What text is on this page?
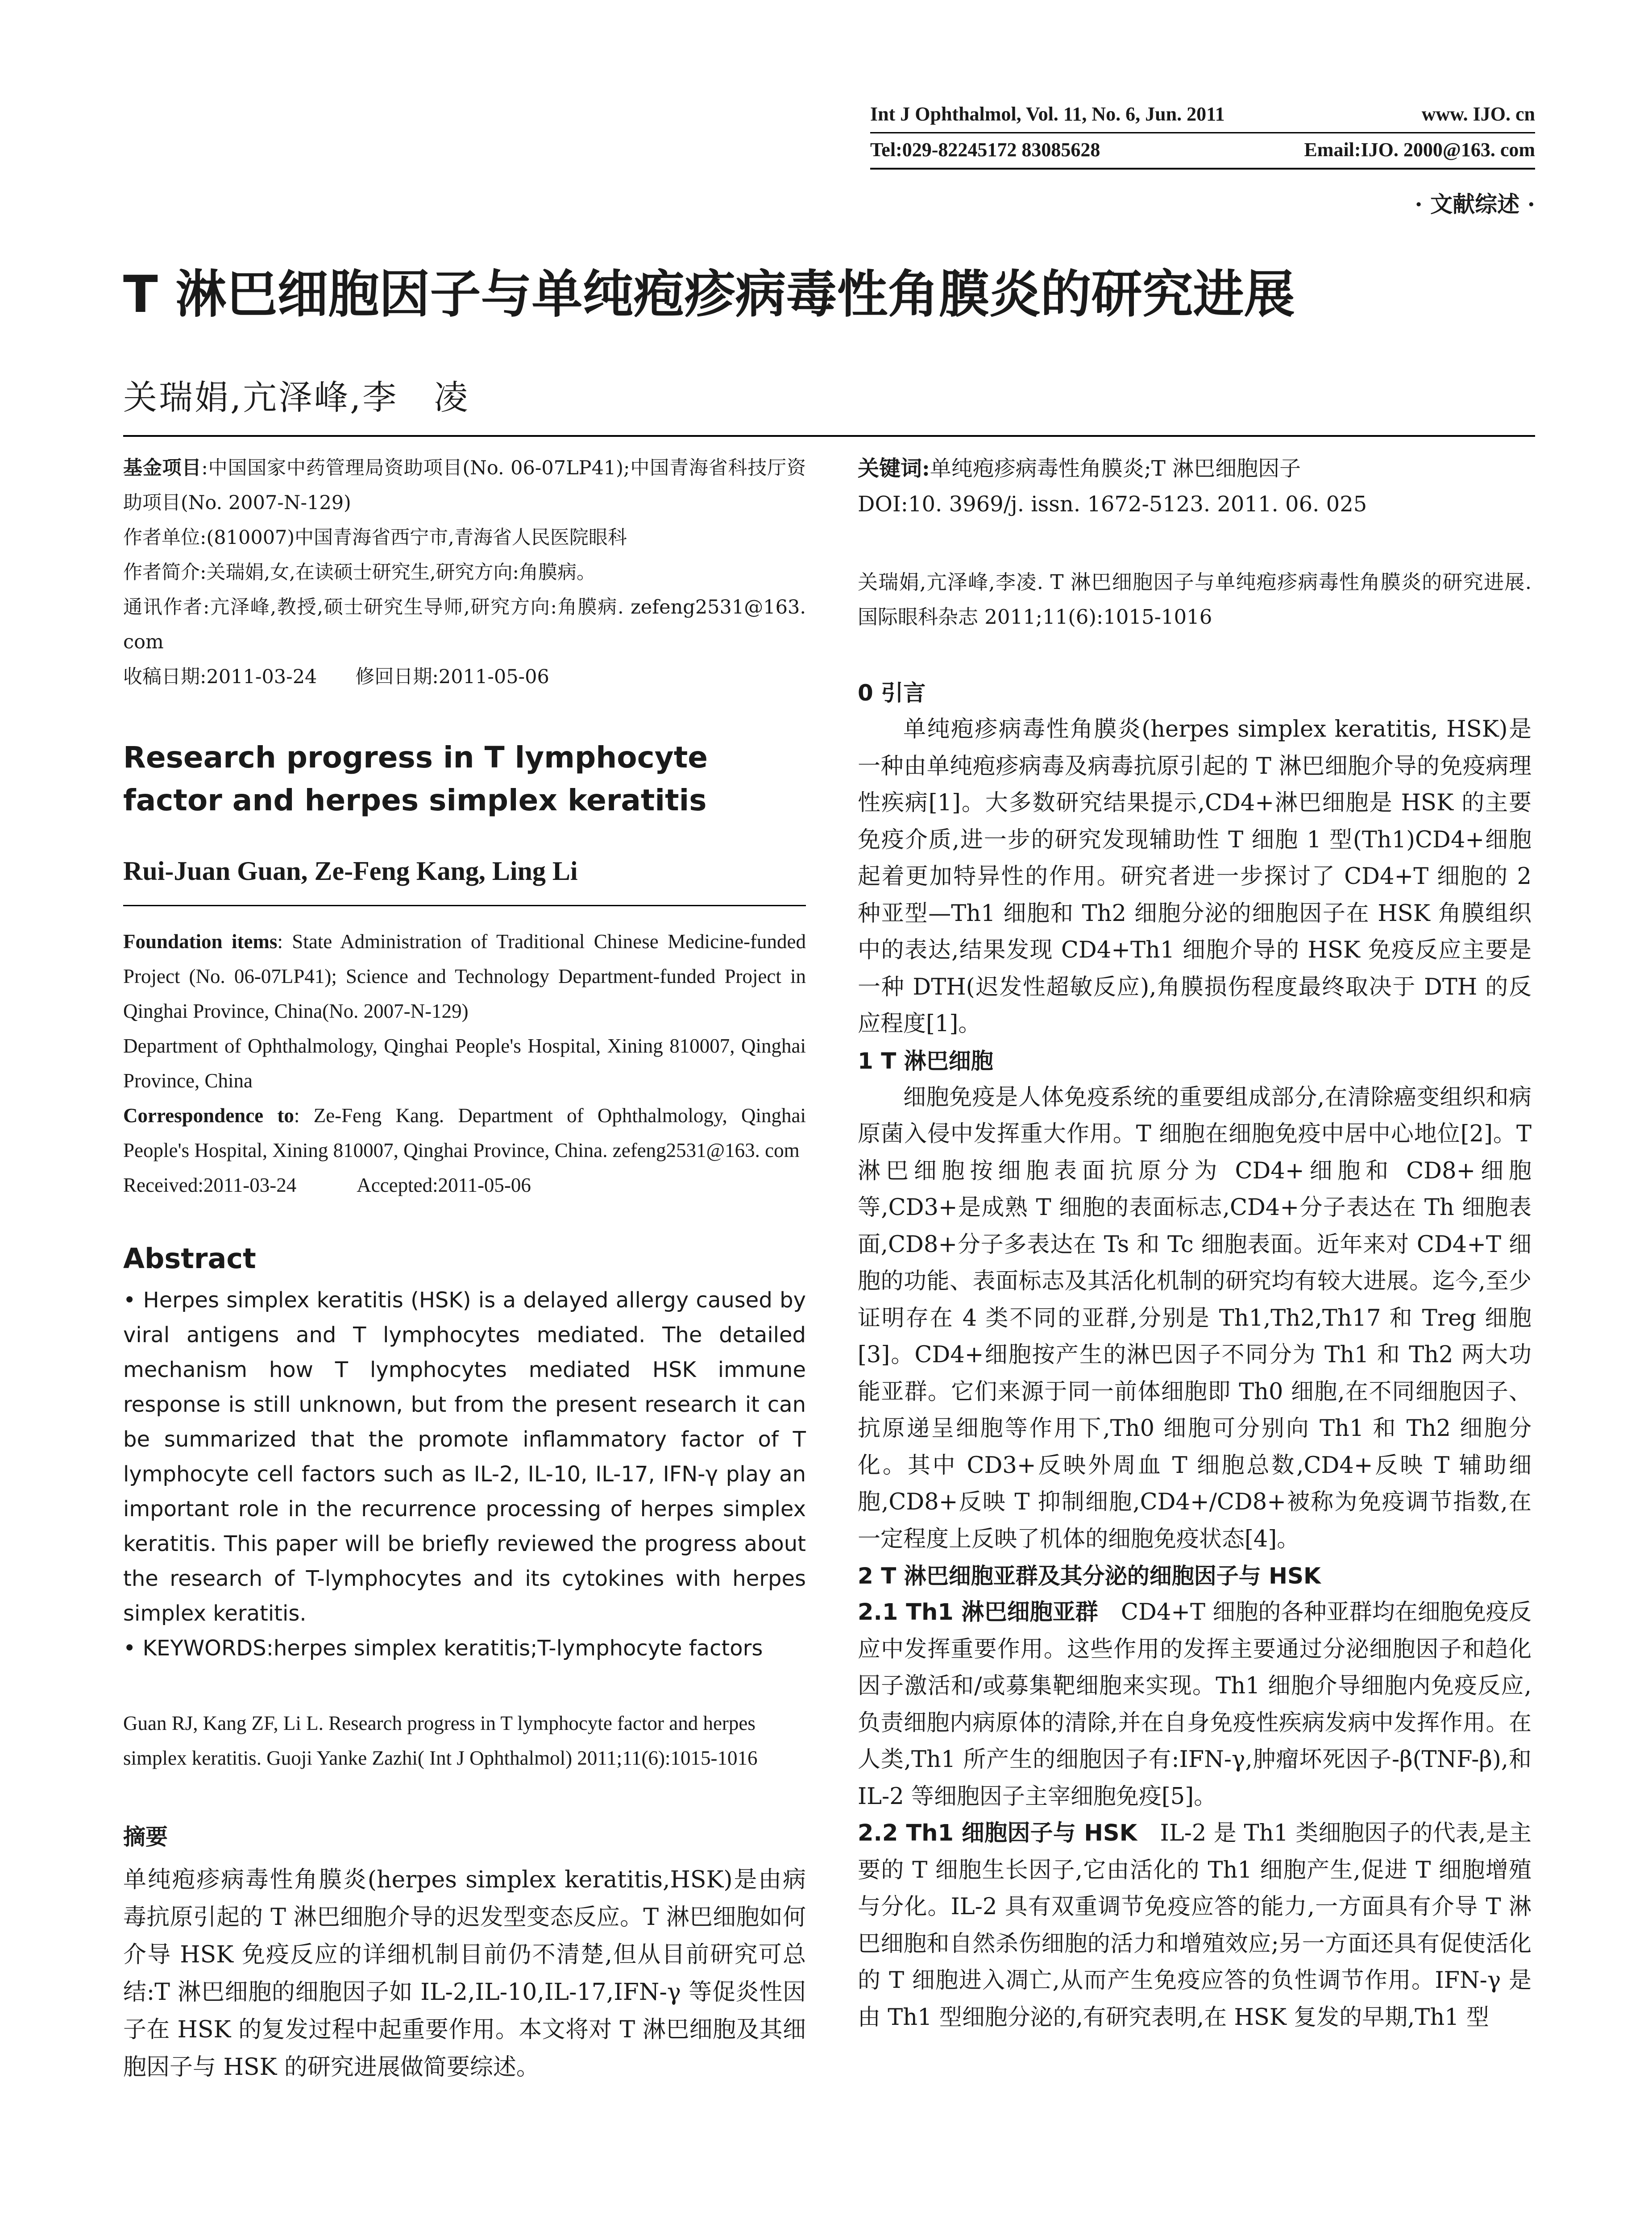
Int J Ophthalmol, Vol. 11, No. 6, Jun. 2011	www. IJO. cn
Tel:029-82245172 83085628	Email:IJO. 2000@163. com
· 文献综述 ·
T 淋巴细胞因子与单纯疱疹病毒性角膜炎的研究进展
关瑞娟,亢泽峰,李　凌

基金项目:中国国家中药管理局资助项目(No. 06-07LP41);中国青海省科技厅资助项目(No. 2007-N-129)

作者单位:(810007)中国青海省西宁市,青海省人民医院眼科

作者简介:关瑞娟,女,在读硕士研究生,研究方向:角膜病。

通讯作者:亢泽峰,教授,硕士研究生导师,研究方向:角膜病. zefeng2531@163. com

收稿日期:2011-03-24　　修回日期:2011-05-06

Research progress in T lymphocyte factor and herpes simplex keratitis
Rui-Juan Guan, Ze-Feng Kang, Ling Li

Foundation items: State Administration of Traditional Chinese Medicine-funded Project (No. 06-07LP41); Science and Technology Department-funded Project in Qinghai Province, China(No. 2007-N-129)

Department of Ophthalmology, Qinghai People's Hospital, Xining 810007, Qinghai Province, China

Correspondence to: Ze-Feng Kang. Department of Ophthalmology, Qinghai People's Hospital, Xining 810007, Qinghai Province, China. zefeng2531@163. com

Received:2011-03-24　　　Accepted:2011-05-06

Abstract

• Herpes simplex keratitis (HSK) is a delayed allergy caused by viral antigens and T lymphocytes mediated. The detailed mechanism how T lymphocytes mediated HSK immune response is still unknown, but from the present research it can be summarized that the promote inflammatory factor of T lymphocyte cell factors such as IL-2, IL-10, IL-17, IFN-γ play an important role in the recurrence processing of herpes simplex keratitis. This paper will be briefly reviewed the progress about the research of T-lymphocytes and its cytokines with herpes simplex keratitis.

• KEYWORDS:herpes simplex keratitis;T-lymphocyte factors

Guan RJ, Kang ZF, Li L. Research progress in T lymphocyte factor and herpes simplex keratitis. Guoji Yanke Zazhi( Int J Ophthalmol) 2011;11(6):1015-1016

摘要

单纯疱疹病毒性角膜炎(herpes simplex keratitis,HSK)是由病毒抗原引起的 T 淋巴细胞介导的迟发型变态反应。T 淋巴细胞如何介导 HSK 免疫反应的详细机制目前仍不清楚,但从目前研究可总结:T 淋巴细胞的细胞因子如 IL-2,IL-10,IL-17,IFN-γ 等促炎性因子在 HSK 的复发过程中起重要作用。本文将对 T 淋巴细胞及其细胞因子与 HSK 的研究进展做简要综述。

关键词:单纯疱疹病毒性角膜炎;T 淋巴细胞因子

DOI:10. 3969/j. issn. 1672-5123. 2011. 06. 025

关瑞娟,亢泽峰,李凌. T 淋巴细胞因子与单纯疱疹病毒性角膜炎的研究进展. 国际眼科杂志 2011;11(6):1015-1016

0 引言

单纯疱疹病毒性角膜炎(herpes simplex keratitis, HSK)是一种由单纯疱疹病毒及病毒抗原引起的 T 淋巴细胞介导的免疫病理性疾病[1]。大多数研究结果提示,CD4+淋巴细胞是 HSK 的主要免疫介质,进一步的研究发现辅助性 T 细胞 1 型(Th1)CD4+细胞起着更加特异性的作用。研究者进一步探讨了 CD4+T 细胞的 2 种亚型—Th1 细胞和 Th2 细胞分泌的细胞因子在 HSK 角膜组织中的表达,结果发现 CD4+Th1 细胞介导的 HSK 免疫反应主要是一种 DTH(迟发性超敏反应),角膜损伤程度最终取决于 DTH 的反应程度[1]。

1 T 淋巴细胞

细胞免疫是人体免疫系统的重要组成部分,在清除癌变组织和病原菌入侵中发挥重大作用。T 细胞在细胞免疫中居中心地位[2]。T 淋巴细胞按细胞表面抗原分为 CD4+细胞和 CD8+细胞等,CD3+是成熟 T 细胞的表面标志,CD4+分子表达在 Th 细胞表面,CD8+分子多表达在 Ts 和 Tc 细胞表面。近年来对 CD4+T 细胞的功能、表面标志及其活化机制的研究均有较大进展。迄今,至少证明存在 4 类不同的亚群,分别是 Th1,Th2,Th17 和 Treg 细胞[3]。CD4+细胞按产生的淋巴因子不同分为 Th1 和 Th2 两大功能亚群。它们来源于同一前体细胞即 Th0 细胞,在不同细胞因子、抗原递呈细胞等作用下,Th0 细胞可分别向 Th1 和 Th2 细胞分化。其中 CD3+反映外周血 T 细胞总数,CD4+反映 T 辅助细胞,CD8+反映 T 抑制细胞,CD4+/CD8+被称为免疫调节指数,在一定程度上反映了机体的细胞免疫状态[4]。

2 T 淋巴细胞亚群及其分泌的细胞因子与 HSK

2.1 Th1 淋巴细胞亚群　 CD4+T 细胞的各种亚群均在细胞免疫反应中发挥重要作用。这些作用的发挥主要通过分泌细胞因子和趋化因子激活和/或募集靶细胞来实现。Th1 细胞介导细胞内免疫反应,负责细胞内病原体的清除,并在自身免疫性疾病发病中发挥作用。在人类,Th1 所产生的细胞因子有:IFN-γ,肿瘤坏死因子-β(TNF-β),和 IL-2 等细胞因子主宰细胞免疫[5]。

2.2 Th1 细胞因子与 HSK　 IL-2 是 Th1 类细胞因子的代表,是主要的 T 细胞生长因子,它由活化的 Th1 细胞产生,促进 T 细胞增殖与分化。IL-2 具有双重调节免疫应答的能力,一方面具有介导 T 淋巴细胞和自然杀伤细胞的活力和增殖效应;另一方面还具有促使活化的 T 细胞进入凋亡,从而产生免疫应答的负性调节作用。IFN-γ 是由 Th1 型细胞分泌的,有研究表明,在 HSK 复发的早期,Th1 型
